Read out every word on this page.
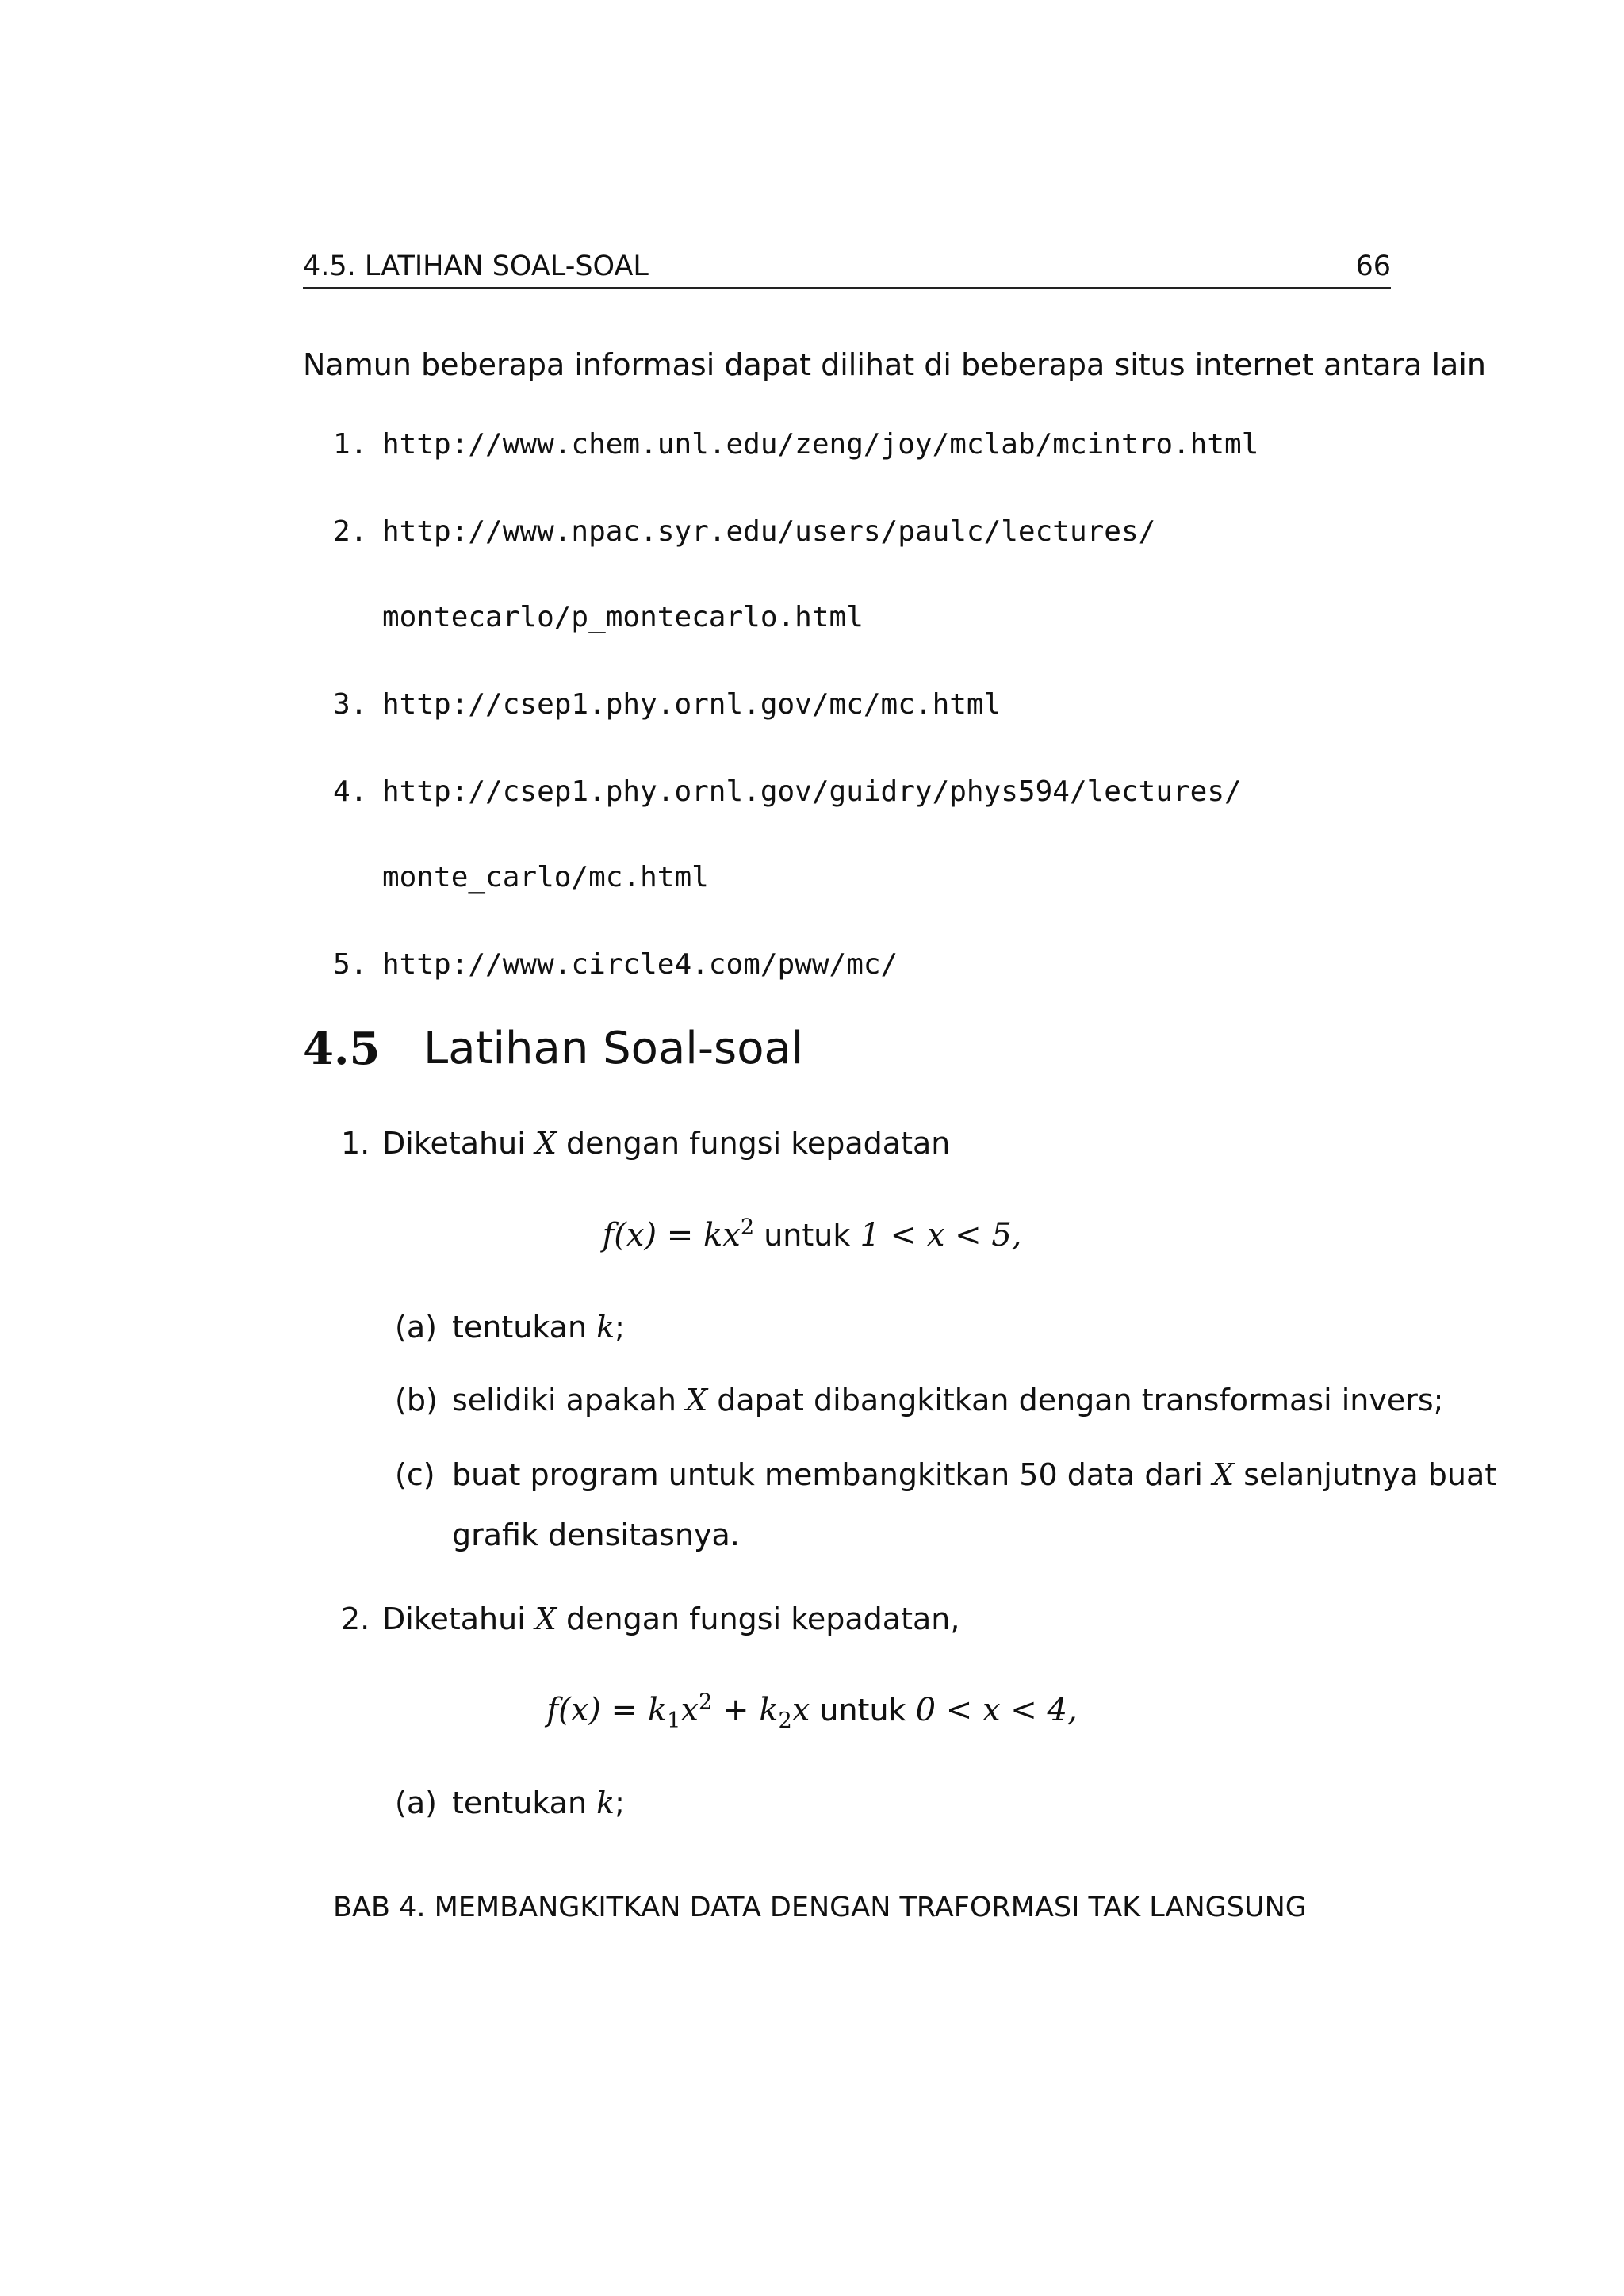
4.5. LATIHAN SOAL-SOAL	66
Namun beberapa informasi dapat dilihat di beberapa situs internet antara lain
1. http://www.chem.unl.edu/zeng/joy/mclab/mcintro.html
2. http://www.npac.syr.edu/users/paulc/lectures/
montecarlo/p_montecarlo.html
3. http://csep1.phy.ornl.gov/mc/mc.html
4. http://csep1.phy.ornl.gov/guidry/phys594/lectures/
monte_carlo/mc.html
5. http://www.circle4.com/pww/mc/
4.5 Latihan Soal-soal
1. Diketahui X dengan fungsi kepadatan
$f(x) = kx^2$ untuk 1 < x < 5,
(a) tentukan k;
(b) selidiki apakah X dapat dibangkitkan dengan transformasi invers;
(c) buat program untuk membangkitkan 50 data dari X selanjutnya buat
grafik densitasnya.
2. Diketahui X dengan fungsi kepadatan,
$f(x) = k_1x^2 + k_2x$ untuk 0 < x < 4,
(a) tentukan k;
BAB 4. MEMBANGKITKAN DATA DENGAN TRAFORMASI TAK LANGSUNG
